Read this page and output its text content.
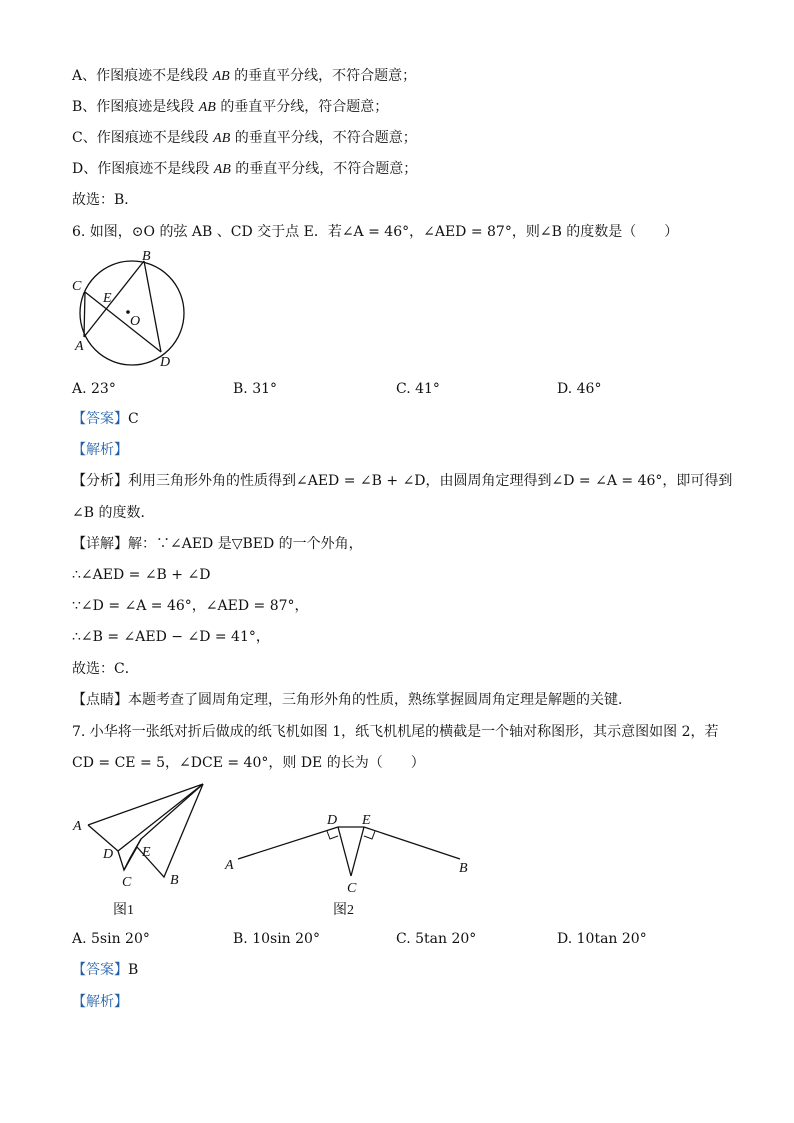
A、作图痕迹不是线段 AB 的垂直平分线，不符合题意；
B、作图痕迹是线段 AB 的垂直平分线，符合题意；
C、作图痕迹不是线段 AB 的垂直平分线，不符合题意；
D、作图痕迹不是线段 AB 的垂直平分线，不符合题意；
故选：B．
6. 如图，⊙O 的弦 AB 、CD 交于点 E．若∠A = 46°，∠AED = 87°，则∠B 的度数是（　　）
B
C
E
O
A
D
A. 23°	B. 31°	C. 41°	D. 46°
【答案】C
【解析】
【分析】利用三角形外角的性质得到∠AED = ∠B + ∠D，由圆周角定理得到∠D = ∠A = 46°，即可得到
∠B 的度数．
【详解】解：∵∠AED 是▽BED 的一个外角，
∴∠AED = ∠B + ∠D
∵∠D = ∠A = 46°，∠AED = 87°，
∴∠B = ∠AED − ∠D = 41°，
故选：C．
【点睛】本题考查了圆周角定理，三角形外角的性质，熟练掌握圆周角定理是解题的关键．
7. 小华将一张纸对折后做成的纸飞机如图 1，纸飞机机尾的横截是一个轴对称图形，其示意图如图 2，若
CD = CE = 5，∠DCE = 40°，则 DE 的长为（　　）
A
D E
C	B
图1
D E
A
C
B
图2
A. 5sin 20°	B. 10sin 20°	C. 5tan 20°	D. 10tan 20°
【答案】B
【解析】
